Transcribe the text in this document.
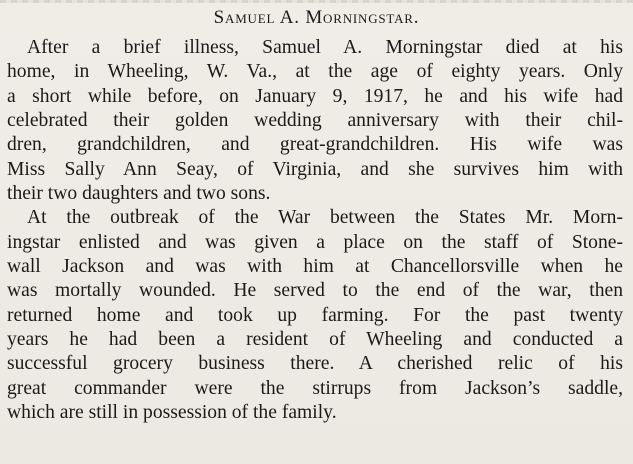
Samuel A. Morningstar.

After a brief illness, Samuel A. Morningstar died at his
home, in Wheeling, W. Va., at the age of eighty years. Only
a short while before, on January 9, 1917, he and his wife had
celebrated their golden wedding anniversary with their chil-
dren, grandchildren, and great-grandchildren. His wife was
Miss Sally Ann Seay, of Virginia, and she survives him with
their two daughters and two sons.

At the outbreak of the War between the States Mr. Morn-
ingstar enlisted and was given a place on the staff of Stone-
wall Jackson and was with him at Chancellorsville when he
was mortally wounded. He served to the end of the war, then
returned home and took up farming. For the past twenty
years he had been a resident of Wheeling and conducted a
successful grocery business there. A cherished relic of his
great commander were the stirrups from Jackson’s saddle,
which are still in possession of the family.
